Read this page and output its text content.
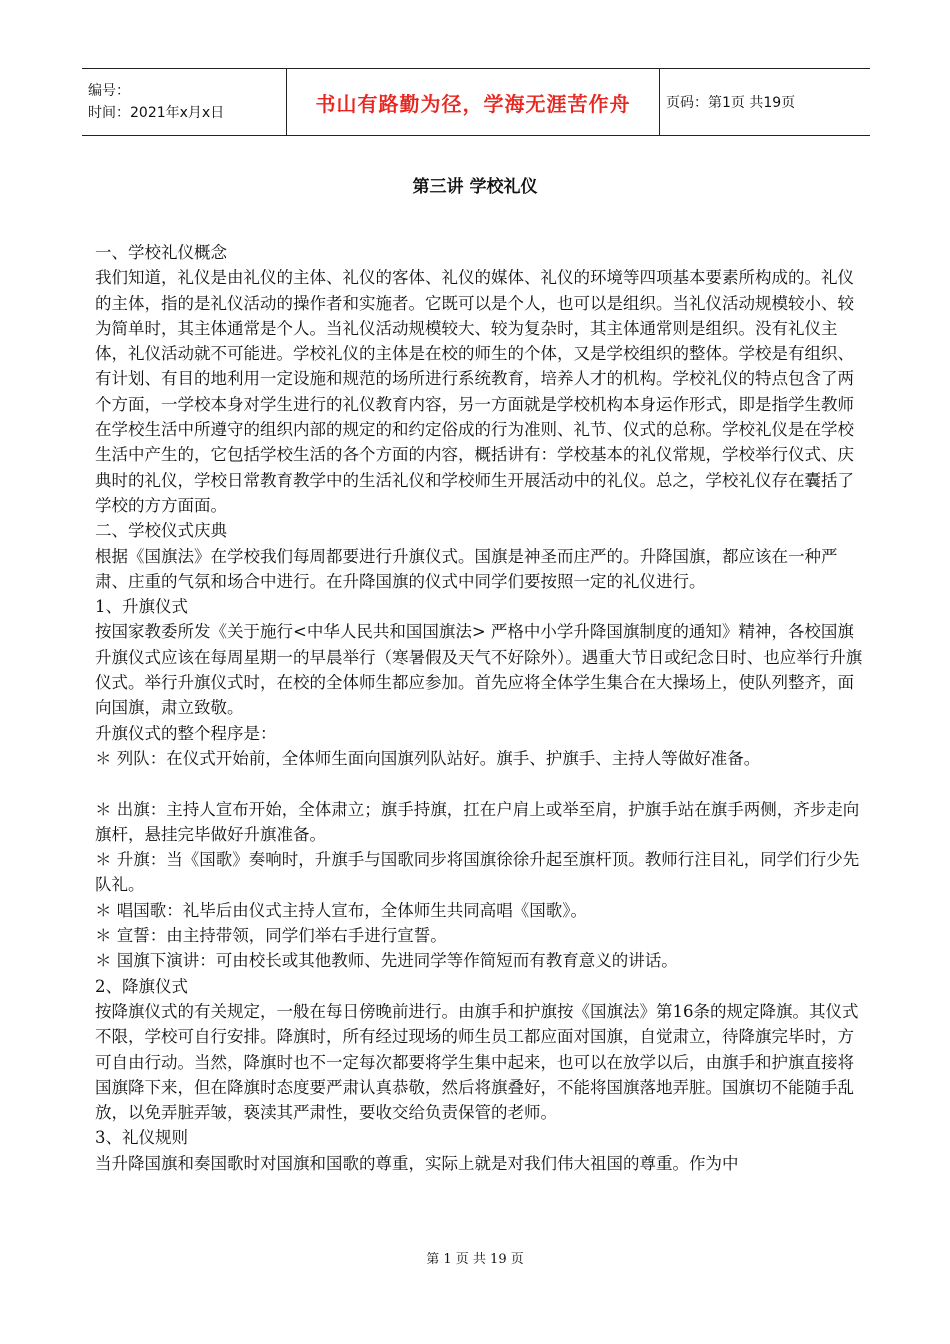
编号：
时间：2021年x月x日	书山有路勤为径，学海无涯苦作舟	页码：第1页 共19页
第三讲 学校礼仪

一、学校礼仪概念

我们知道，礼仪是由礼仪的主体、礼仪的客体、礼仪的媒体、礼仪的环境等四项基本要素所构成的。礼仪的主体，指的是礼仪活动的操作者和实施者。它既可以是个人，也可以是组织。当礼仪活动规模较小、较为简单时，其主体通常是个人。当礼仪活动规模较大、较为复杂时，其主体通常则是组织。没有礼仪主体，礼仪活动就不可能进。学校礼仪的主体是在校的师生的个体，又是学校组织的整体。学校是有组织、有计划、有目的地利用一定设施和规范的场所进行系统教育，培养人才的机构。学校礼仪的特点包含了两个方面，一学校本身对学生进行的礼仪教育内容，另一方面就是学校机构本身运作形式，即是指学生教师在学校生活中所遵守的组织内部的规定的和约定俗成的行为准则、礼节、仪式的总称。学校礼仪是在学校生活中产生的，它包括学校生活的各个方面的内容，概括讲有：学校基本的礼仪常规，学校举行仪式、庆典时的礼仪，学校日常教育教学中的生活礼仪和学校师生开展活动中的礼仪。总之，学校礼仪存在囊括了学校的方方面面。

二、学校仪式庆典

根据《国旗法》在学校我们每周都要进行升旗仪式。国旗是神圣而庄严的。升降国旗，都应该在一种严肃、庄重的气氛和场合中进行。在升降国旗的仪式中同学们要按照一定的礼仪进行。

1、升旗仪式

按国家教委所发《关于施行<中华人民共和国国旗法> 严格中小学升降国旗制度的通知》精神，各校国旗升旗仪式应该在每周星期一的早晨举行（寒暑假及天气不好除外）。遇重大节日或纪念日时、也应举行升旗仪式。举行升旗仪式时，在校的全体师生都应参加。首先应将全体学生集合在大操场上，使队列整齐，面向国旗，肃立致敬。

升旗仪式的整个程序是：

＊ 列队：在仪式开始前，全体师生面向国旗列队站好。旗手、护旗手、主持人等做好准备。

＊ 出旗：主持人宣布开始，全体肃立；旗手持旗，扛在户肩上或举至肩，护旗手站在旗手两侧，齐步走向旗杆，悬挂完毕做好升旗准备。

＊ 升旗：当《国歌》奏响时，升旗手与国歌同步将国旗徐徐升起至旗杆顶。教师行注目礼，同学们行少先队礼。

＊ 唱国歌：礼毕后由仪式主持人宣布，全体师生共同高唱《国歌》。

＊ 宣誓：由主持带领，同学们举右手进行宣誓。

＊ 国旗下演讲：可由校长或其他教师、先进同学等作简短而有教育意义的讲话。

2、降旗仪式

按降旗仪式的有关规定，一般在每日傍晚前进行。由旗手和护旗按《国旗法》第16条的规定降旗。其仪式不限，学校可自行安排。降旗时，所有经过现场的师生员工都应面对国旗，自觉肃立，待降旗完毕时，方可自由行动。当然，降旗时也不一定每次都要将学生集中起来，也可以在放学以后，由旗手和护旗直接将国旗降下来，但在降旗时态度要严肃认真恭敬，然后将旗叠好，不能将国旗落地弄脏。国旗切不能随手乱放，以免弄脏弄皱，亵渎其严肃性，要收交给负责保管的老师。

3、礼仪规则

当升降国旗和奏国歌时对国旗和国歌的尊重，实际上就是对我们伟大祖国的尊重。作为中

第 1 页 共 19 页
